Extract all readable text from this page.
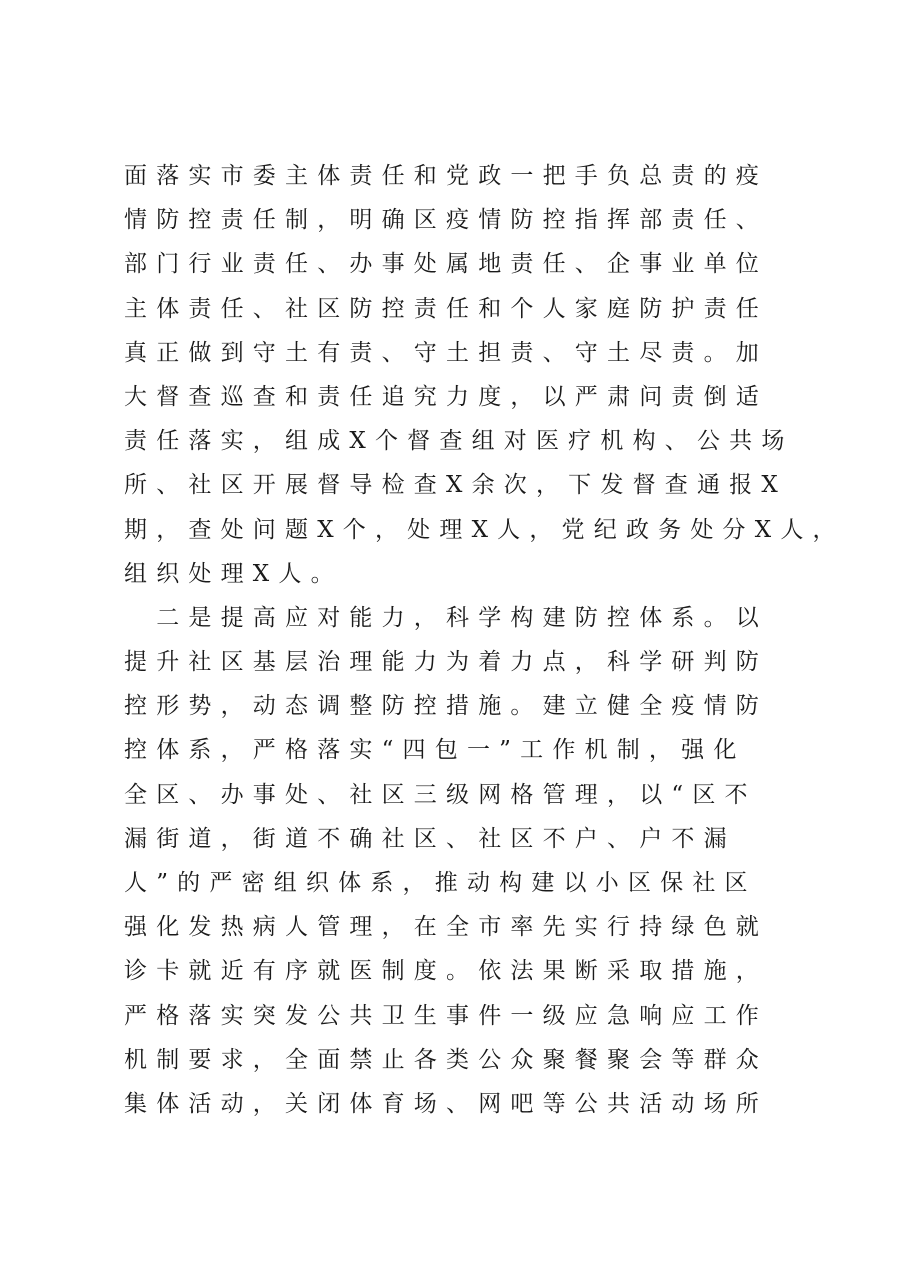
面落实市委主体责任和党政一把手负总责的疫
情防控责任制，明确区疫情防控指挥部责任、
部门行业责任、办事处属地责任、企事业单位
主体责任、社区防控责任和个人家庭防护责任
真正做到守土有责、守土担责、守土尽责。加
大督查巡查和责任追究力度，以严肃问责倒适
责任落实，组成X个督查组对医疗机构、公共场
所、社区开展督导检查X余次，下发督查通报X
期，查处问题X个，处理X人，党纪政务处分X人，
组织处理X人。
　二是提高应对能力，科学构建防控体系。以
提升社区基层治理能力为着力点，科学研判防
控形势，动态调整防控措施。建立健全疫情防
控体系，严格落实“四包一”工作机制，强化
全区、办事处、社区三级网格管理，以“区不
漏街道，街道不确社区、社区不户、户不漏
人”的严密组织体系，推动构建以小区保社区
强化发热病人管理，在全市率先实行持绿色就
诊卡就近有序就医制度。依法果断采取措施，
严格落实突发公共卫生事件一级应急响应工作
机制要求，全面禁止各类公众聚餐聚会等群众
集体活动，关闭体育场、网吧等公共活动场所
